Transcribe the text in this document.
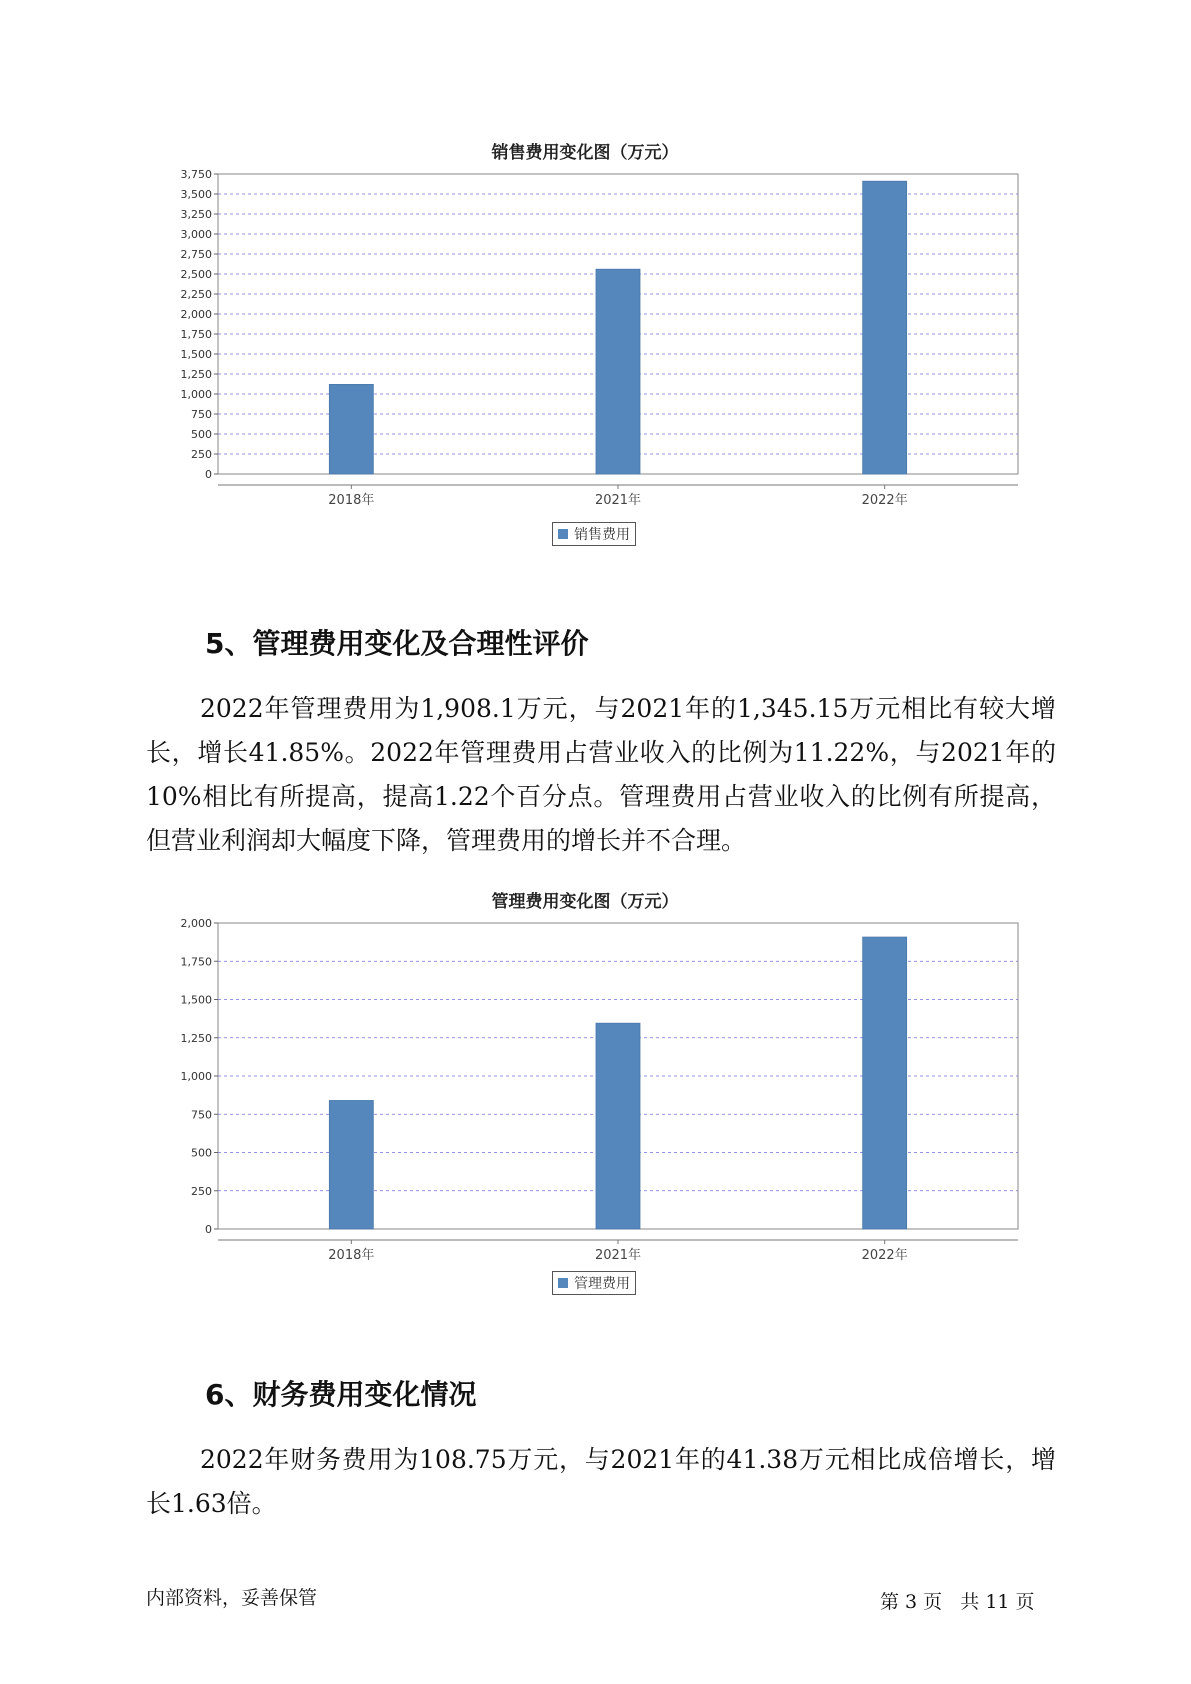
销售费用变化图（万元）
0
250
500
750
1,000
1,250
1,500
1,750
2,000
2,250
2,500
2,750
3,000
3,250
3,500
3,750
2018年	2021年	2022年
销售费用
5、管理费用变化及合理性评价

2022年管理费用为1,908.1万元，与2021年的1,345.15万元相比有较大增长，增长41.85%。2022年管理费用占营业收入的比例为11.22%，与2021年的10%相比有所提高，提高1.22个百分点。管理费用占营业收入的比例有所提高，但营业利润却大幅度下降，管理费用的增长并不合理。

管理费用变化图（万元）
0
250
500
750
1,000
1,250
1,500
1,750
2,000
2018年	2021年	2022年
管理费用
6、财务费用变化情况

2022年财务费用为108.75万元，与2021年的41.38万元相比成倍增长，增长1.63倍。

内部资料，妥善保管	第 3 页   共 11 页
